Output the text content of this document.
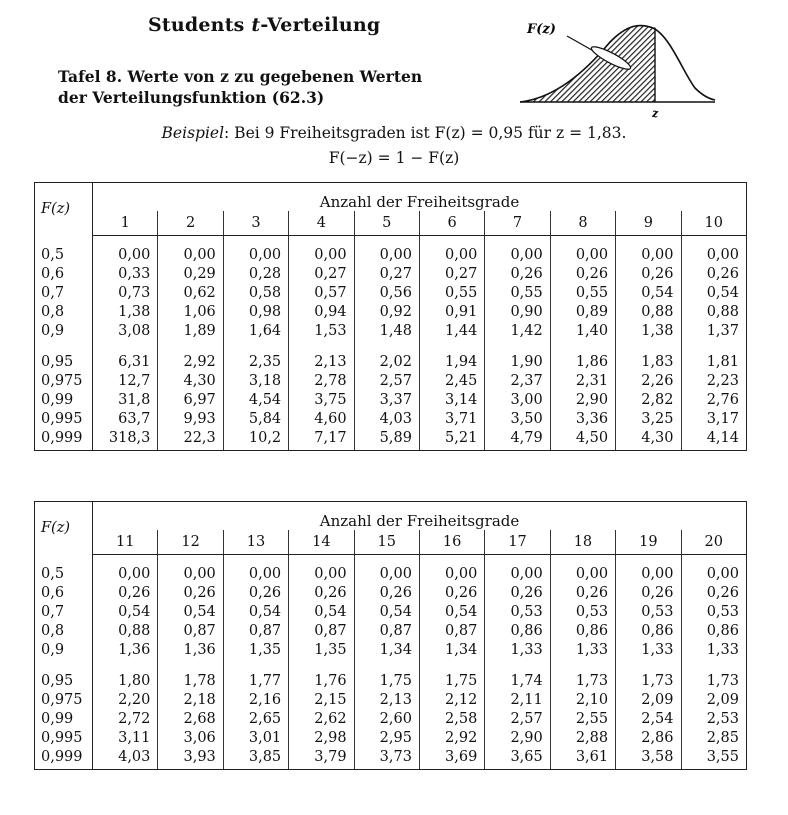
Students t-Verteilung
Tafel 8. Werte von z zu gegebenen Werten
der Verteilungsfunktion (62.3)
F(z)
z
Beispiel: Bei 9 Freiheitsgraden ist F(z) = 0,95 für z = 1,83.
F(−z) = 1 − F(z)
F(z)	Anzahl der Freiheitsgrade									
	1	2	3	4	5	6	7	8	9	10
0,5	0,00	0,00	0,00	0,00	0,00	0,00	0,00	0,00	0,00	0,00
0,6	0,33	0,29	0,28	0,27	0,27	0,27	0,26	0,26	0,26	0,26
0,7	0,73	0,62	0,58	0,57	0,56	0,55	0,55	0,55	0,54	0,54
0,8	1,38	1,06	0,98	0,94	0,92	0,91	0,90	0,89	0,88	0,88
0,9	3,08	1,89	1,64	1,53	1,48	1,44	1,42	1,40	1,38	1,37
0,95	6,31	2,92	2,35	2,13	2,02	1,94	1,90	1,86	1,83	1,81
0,975	12,7	4,30	3,18	2,78	2,57	2,45	2,37	2,31	2,26	2,23
0,99	31,8	6,97	4,54	3,75	3,37	3,14	3,00	2,90	2,82	2,76
0,995	63,7	9,93	5,84	4,60	4,03	3,71	3,50	3,36	3,25	3,17
0,999	318,3	22,3	10,2	7,17	5,89	5,21	4,79	4,50	4,30	4,14
F(z)	Anzahl der Freiheitsgrade									
	11	12	13	14	15	16	17	18	19	20
0,5	0,00	0,00	0,00	0,00	0,00	0,00	0,00	0,00	0,00	0,00
0,6	0,26	0,26	0,26	0,26	0,26	0,26	0,26	0,26	0,26	0,26
0,7	0,54	0,54	0,54	0,54	0,54	0,54	0,53	0,53	0,53	0,53
0,8	0,88	0,87	0,87	0,87	0,87	0,87	0,86	0,86	0,86	0,86
0,9	1,36	1,36	1,35	1,35	1,34	1,34	1,33	1,33	1,33	1,33
0,95	1,80	1,78	1,77	1,76	1,75	1,75	1,74	1,73	1,73	1,73
0,975	2,20	2,18	2,16	2,15	2,13	2,12	2,11	2,10	2,09	2,09
0,99	2,72	2,68	2,65	2,62	2,60	2,58	2,57	2,55	2,54	2,53
0,995	3,11	3,06	3,01	2,98	2,95	2,92	2,90	2,88	2,86	2,85
0,999	4,03	3,93	3,85	3,79	3,73	3,69	3,65	3,61	3,58	3,55
